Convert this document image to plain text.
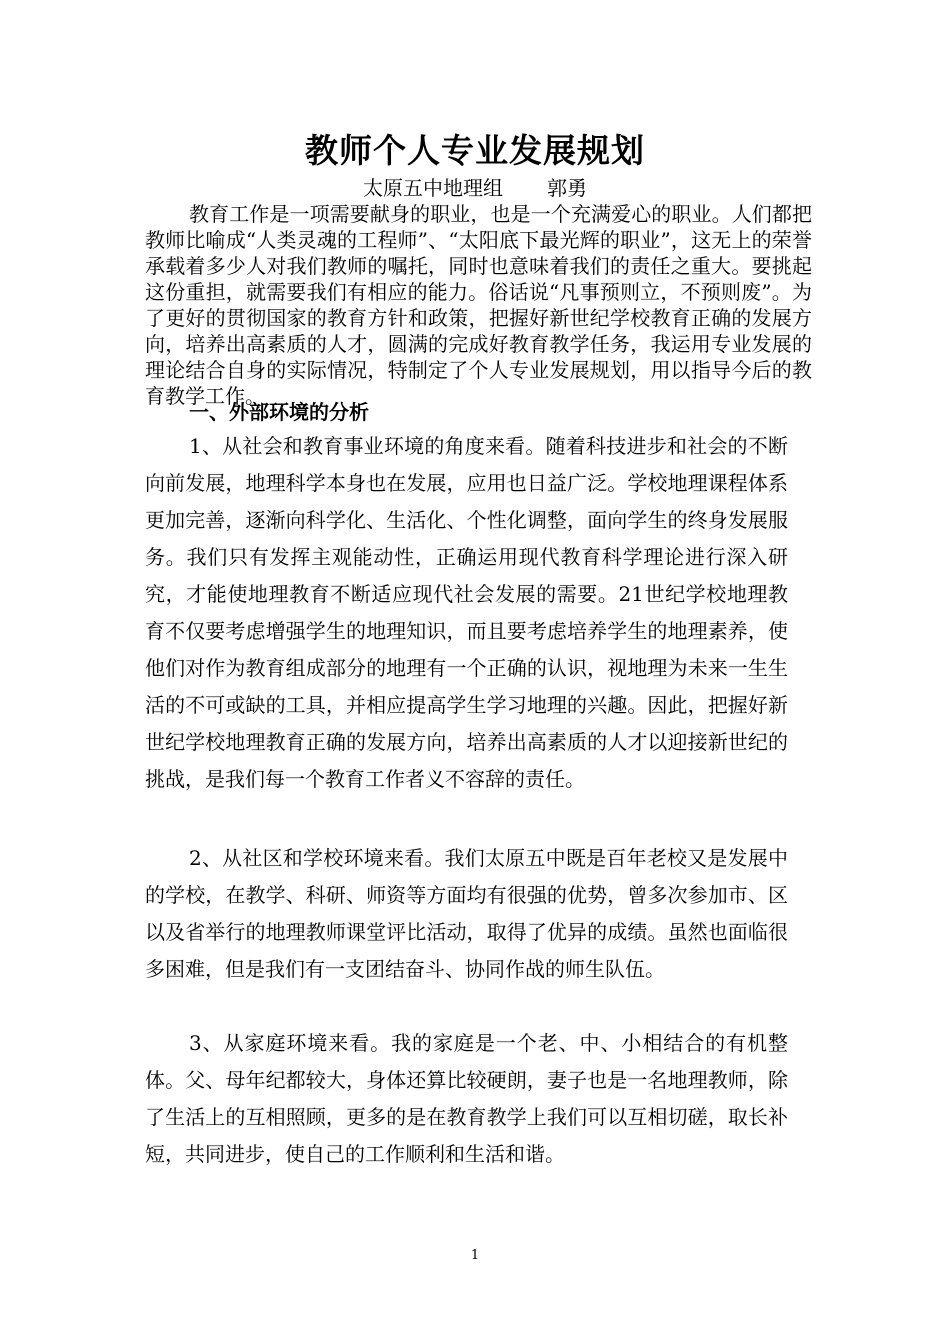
教师个人专业发展规划
太原五中地理组 郭勇

教育工作是一项需要献身的职业，也是一个充满爱心的职业。人们都把教师比喻成“人类灵魂的工程师”、“太阳底下最光辉的职业”，这无上的荣誉承载着多少人对我们教师的嘱托，同时也意味着我们的责任之重大。要挑起这份重担，就需要我们有相应的能力。俗话说“凡事预则立，不预则废”。为了更好的贯彻国家的教育方针和政策，把握好新世纪学校教育正确的发展方向，培养出高素质的人才，圆满的完成好教育教学任务，我运用专业发展的理论结合自身的实际情况，特制定了个人专业发展规划，用以指导今后的教育教学工作。

一、外部环境的分析

1、从社会和教育事业环境的角度来看。随着科技进步和社会的不断向前发展，地理科学本身也在发展，应用也日益广泛。学校地理课程体系更加完善，逐渐向科学化、生活化、个性化调整，面向学生的终身发展服务。我们只有发挥主观能动性，正确运用现代教育科学理论进行深入研究，才能使地理教育不断适应现代社会发展的需要。21世纪学校地理教育不仅要考虑增强学生的地理知识，而且要考虑培养学生的地理素养，使他们对作为教育组成部分的地理有一个正确的认识，视地理为未来一生生活的不可或缺的工具，并相应提高学生学习地理的兴趣。因此，把握好新世纪学校地理教育正确的发展方向，培养出高素质的人才以迎接新世纪的挑战，是我们每一个教育工作者义不容辞的责任。

2、从社区和学校环境来看。我们太原五中既是百年老校又是发展中的学校，在教学、科研、师资等方面均有很强的优势，曾多次参加市、区以及省举行的地理教师课堂评比活动，取得了优异的成绩。虽然也面临很多困难，但是我们有一支团结奋斗、协同作战的师生队伍。

3、从家庭环境来看。我的家庭是一个老、中、小相结合的有机整体。父、母年纪都较大，身体还算比较硬朗，妻子也是一名地理教师，除了生活上的互相照顾，更多的是在教育教学上我们可以互相切磋，取长补短，共同进步，使自己的工作顺利和生活和谐。

1
